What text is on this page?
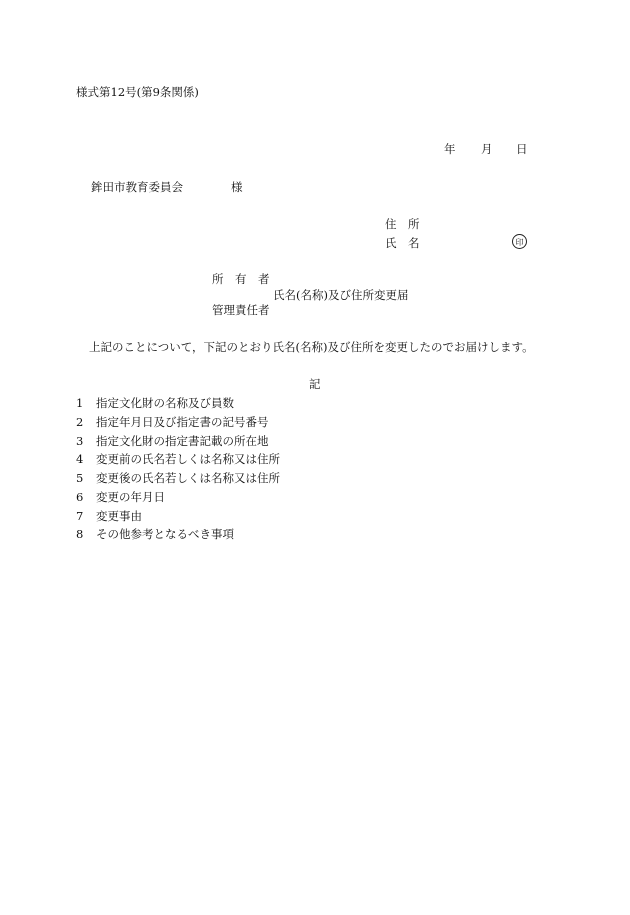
様式第12号(第9条関係)
年 月 日
鉾田市教育委員会	様
住　所
氏　名	印
所　有　者
氏名(名称)及び住所変更届
管理責任者
上記のことについて，下記のとおり氏名(名称)及び住所を変更したのでお届けします。
記
1 指定文化財の名称及び員数
2 指定年月日及び指定書の記号番号
3 指定文化財の指定書記載の所在地
4 変更前の氏名若しくは名称又は住所
5 変更後の氏名若しくは名称又は住所
6 変更の年月日
7 変更事由
8 その他参考となるべき事項
